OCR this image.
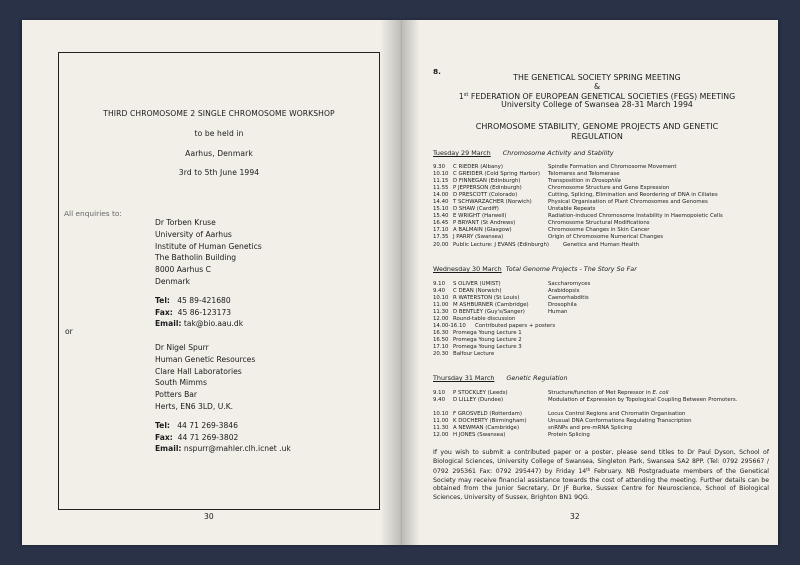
THIRD CHROMOSOME 2 SINGLE CHROMOSOME WORKSHOP
to be held in
Aarhus, Denmark
3rd to 5th June 1994
All enquiries to:
Dr Torben Kruse
University of Aarhus
Institute of Human Genetics
The Batholin Building
8000 Aarhus C
Denmark
Tel: 45 89-421680
Fax: 45 86-123173
Email: tak@bio.aau.dk
or
Dr Nigel Spurr
Human Genetic Resources
Clare Hall Laboratories
South Mimms
Potters Bar
Herts, EN6 3LD, U.K.
Tel: 44 71 269-3846
Fax: 44 71 269-3802
Email: nspurr@mahler.clh.icnet .uk
30
8.
THE GENETICAL SOCIETY SPRING MEETING
&
1st FEDERATION OF EUROPEAN GENETICAL SOCIETIES (FEGS) MEETING
University College of Swansea 28-31 March 1994
CHROMOSOME STABILITY, GENOME PROJECTS AND GENETIC
REGULATION
Tuesday 29 March Chromosome Activity and Stability
9.30 C RIEDER (Albany)	Spindle Formation and Chromosome Movement
10.10 C GREIDER (Cold Spring Harbor) Telomeres and Telomerase
11.15 D FINNEGAN (Edinburgh)	Transposition in Drosophila
11.55 P JEPPERSON (Edinburgh)	Chromosome Structure and Gene Expression
14.00 D PRESCOTT (Colorado)	Cutting, Splicing, Elimination and Reordering of DNA in Ciliates
14.40 T SCHWARZACHER (Norwich)	Physical Organisation of Plant Chromosomes and Genomes
15.10 D SHAW (Cardiff)	Unstable Repeats
15.40 E WRIGHT (Harwell)	Radiation-induced Chromosome Instability in Haemopoietic Cells
16.45 P BRYANT (St Andrews)	Chromosome Structural Modifications
17.10 A BALMAIN (Glasgow)	Chromosome Changes in Skin Cancer
17.35 J PARRY (Swansea)	Origin of Chromosome Numerical Changes
20.00 Public Lecture: J EVANS (Edinburgh)	Genetics and Human Health
Wednesday 30 March Total Genome Projects - The Story So Far
9.10 S OLIVER (UMIST)	Saccharomyces
9.40 C DEAN (Norwich)	Arabidopsis
10.10 R WATERSTON (St Louis)	Caenorhabditis
11.00 M ASHBURNER (Cambridge)	Drosophila
11.30 D BENTLEY (Guy's/Sanger)	Human
12.00 Round-table discussion
14.00-16.10 Contributed papers + posters
16.30 Promega Young Lecture 1
16.50 Promega Young Lecture 2
17.10 Promega Young Lecture 3
20.30 Balfour Lecture
Thursday 31 March Genetic Regulation
9.10 P STOCKLEY (Leeds)	Structure/function of Met Repressor in E. coli
9.40 D LILLEY (Dundee)	Modulation of Expression by Topological Coupling Between Promoters.
10.10 F GROSVELD (Rotterdam)	Locus Control Regions and Chromatin Organisation
11.00 K DOCHERTY (Birmingham)	Unusual DNA Conformations Regulating Transcription
11.30 A NEWMAN (Cambridge)	snRNPs and pre-mRNA Splicing
12.00 H JONES (Swansea)	Protein Splicing
If you wish to submit a contributed paper or a poster, please send titles to Dr Paul Dyson, School of Biological Sciences, University College of Swansea, Singleton Park, Swansea SA2 8PP. (Tel: 0792 295667 / 0792 295361 Fax: 0792 295447) by Friday 14th February. NB Postgraduate members of the Genetical Society may receive financial assistance towards the cost of attending the meeting. Further details can be obtained from the Junior Secretary, Dr JF Burke, Sussex Centre for Neuroscience, School of Biological Sciences, University of Sussex, Brighton BN1 9QG.
32
